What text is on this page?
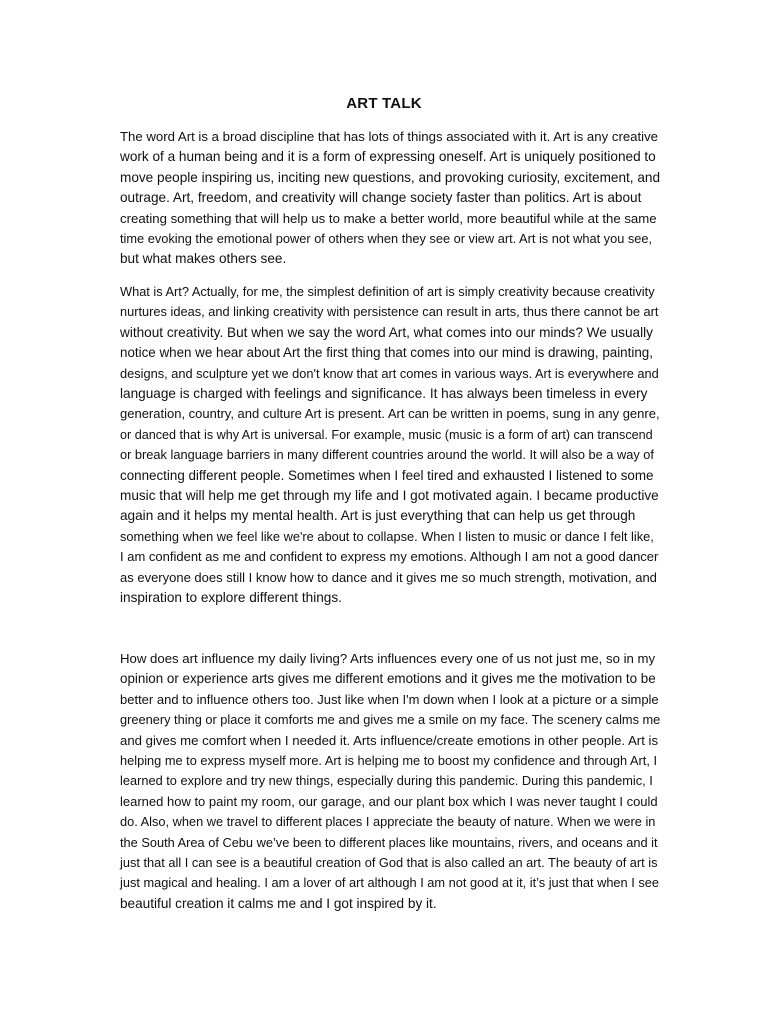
ART TALK
The word Art is a broad discipline that has lots of things associated with it. Art is any creative
work of a human being and it is a form of expressing oneself. Art is uniquely positioned to
move people inspiring us, inciting new questions, and provoking curiosity, excitement, and
outrage. Art, freedom, and creativity will change society faster than politics. Art is about
creating something that will help us to make a better world, more beautiful while at the same
time evoking the emotional power of others when they see or view art. Art is not what you see,
but what makes others see.
What is Art? Actually, for me, the simplest definition of art is simply creativity because creativity
nurtures ideas, and linking creativity with persistence can result in arts, thus there cannot be art
without creativity. But when we say the word Art, what comes into our minds? We usually
notice when we hear about Art the first thing that comes into our mind is drawing, painting,
designs, and sculpture yet we don't know that art comes in various ways. Art is everywhere and
language is charged with feelings and significance. It has always been timeless in every
generation, country, and culture Art is present. Art can be written in poems, sung in any genre,
or danced that is why Art is universal. For example, music (music is a form of art) can transcend
or break language barriers in many different countries around the world. It will also be a way of
connecting different people. Sometimes when I feel tired and exhausted I listened to some
music that will help me get through my life and I got motivated again. I became productive
again and it helps my mental health. Art is just everything that can help us get through
something when we feel like we're about to collapse. When I listen to music or dance I felt like,
I am confident as me and confident to express my emotions. Although I am not a good dancer
as everyone does still I know how to dance and it gives me so much strength, motivation, and
inspiration to explore different things.
How does art influence my daily living? Arts influences every one of us not just me, so in my
opinion or experience arts gives me different emotions and it gives me the motivation to be
better and to influence others too. Just like when I'm down when I look at a picture or a simple
greenery thing or place it comforts me and gives me a smile on my face. The scenery calms me
and gives me comfort when I needed it. Arts influence/create emotions in other people. Art is
helping me to express myself more. Art is helping me to boost my confidence and through Art, I
learned to explore and try new things, especially during this pandemic. During this pandemic, I
learned how to paint my room, our garage, and our plant box which I was never taught I could
do. Also, when we travel to different places I appreciate the beauty of nature. When we were in
the South Area of Cebu we’ve been to different places like mountains, rivers, and oceans and it
just that all I can see is a beautiful creation of God that is also called an art. The beauty of art is
just magical and healing. I am a lover of art although I am not good at it, it’s just that when I see
beautiful creation it calms me and I got inspired by it.
